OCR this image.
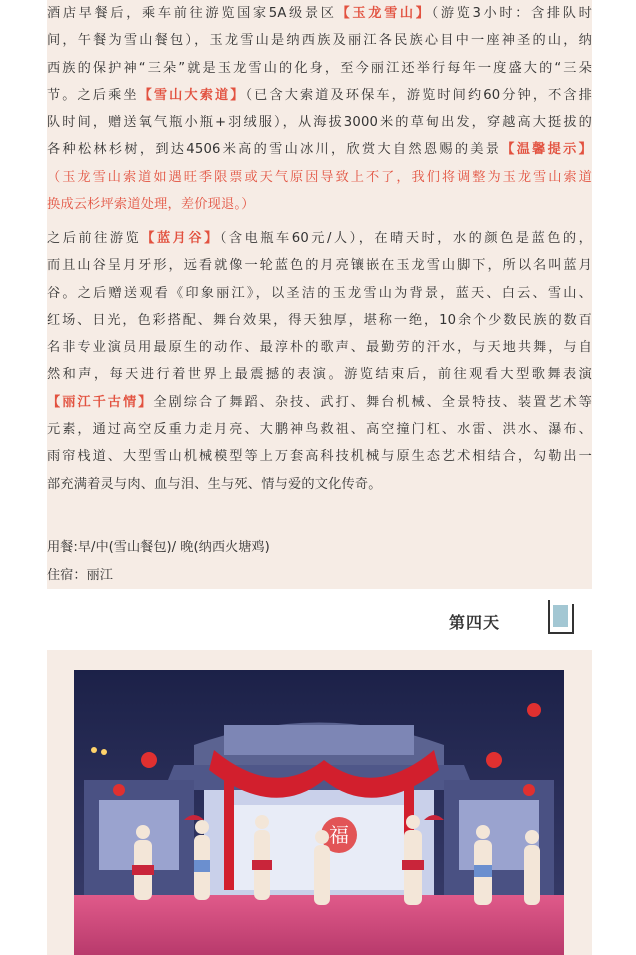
酒店早餐后，乘车前往游览国家5A级景区【玉龙雪山】（游览3小时：含排队时
间，午餐为雪山餐包），玉龙雪山是纳西族及丽江各民族心目中一座神圣的山，纳
西族的保护神“三朵”就是玉龙雪山的化身，至今丽江还举行每年一度盛大的“三朵
节。之后乘坐【雪山大索道】（已含大索道及环保车，游览时间约60分钟，不含排
队时间，赠送氧气瓶小瓶+羽绒服），从海拔3000米的草甸出发，穿越高大挺拔的
各种松林杉树，到达4506米高的雪山冰川，欣赏大自然恩赐的美景【温馨提示】
（玉龙雪山索道如遇旺季限票或天气原因导致上不了，我们将调整为玉龙雪山索道
换成云杉坪索道处理，差价现退。）

之后前往游览【蓝月谷】（含电瓶车60元/人），在晴天时，水的颜色是蓝色的，
而且山谷呈月牙形，远看就像一轮蓝色的月亮镶嵌在玉龙雪山脚下，所以名叫蓝月
谷。之后赠送观看《印象丽江》，以圣洁的玉龙雪山为背景，蓝天、白云、雪山、
红场、日光，色彩搭配、舞台效果，得天独厚，堪称一绝，10余个少数民族的数百
名非专业演员用最原生的动作、最淳朴的歌声、最勤劳的汗水，与天地共舞，与自
然和声，每天进行着世界上最震撼的表演。游览结束后，前往观看大型歌舞表演
【丽江千古情】全剧综合了舞蹈、杂技、武打、舞台机械、全景特技、装置艺术等
元素，通过高空反重力走月亮、大鹏神鸟救祖、高空撞门杠、水雷、洪水、瀑布、
雨帘栈道、大型雪山机械模型等上万套高科技机械与原生态艺术相结合，勾勒出一
部充满着灵与肉、血与泪、生与死、情与爱的文化传奇。

用餐:早/中(雪山餐包)/ 晚(纳西火塘鸡)

住宿：丽江

第四天
福
